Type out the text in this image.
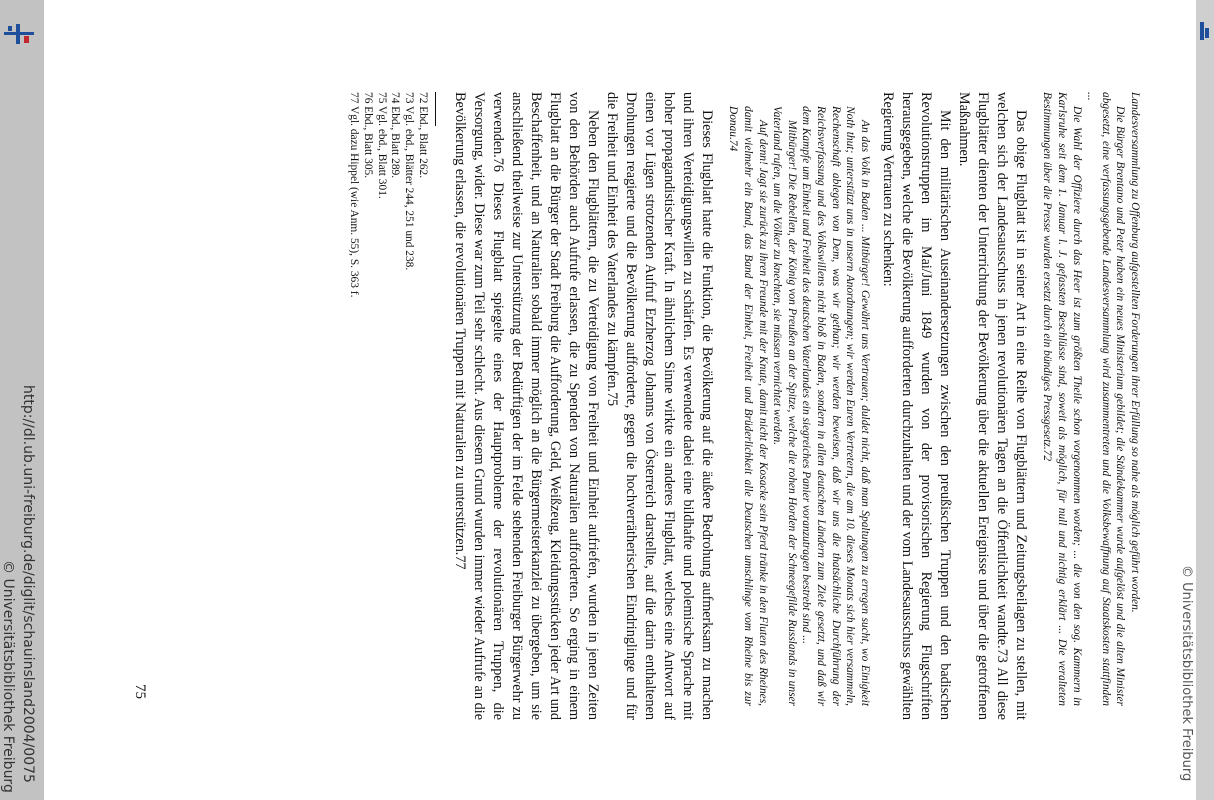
Landesversammlung zu Offenburg aufgestellten Forderungen ihrer Erfüllung so nahe als möglich geführt worden.

Die Bürger Brentano und Peter haben ein neues Ministerium gebildet; die Ständekammer wurde aufgelöst und die alten Minister abgesetzt, eine verfassungsgebende Landesversammlung wird zusammentreten und die Volksbewaffnung auf Staatskosten stattfinden ...

Die Wahl der Offiziere durch das Heer ist zum größten Theile schon vorgenommen worden; ... die von den sog. Kammern in Karlsruhe seit dem 1. Januar l. J. gefassten Beschlüsse sind, soweit als möglich, für null und nichtig erklärt ... Die veralteten Bestimmungen über die Presse wurden ersetzt durch ein bündiges Pressgesetz.72

Das obige Flugblatt ist in seiner Art in eine Reihe von Flugblättern und Zeitungsbeilagen zu stellen, mit welchen sich der Landesausschuss in jenen revolutionären Tagen an die Öffentlichkeit wandte.73 All diese Flugblätter dienten der Unterrichtung der Bevölkerung über die aktuellen Ereignisse und über die getroffenen Maßnahmen.

Mit den militärischen Auseinandersetzungen zwischen den preußischen Truppen und den badischen Revolutionstruppen im Mai/Juni 1849 wurden von der provisorischen Regierung Flugschriften herausgegeben, welche die Bevölkerung aufforderten durchzuhalten und der vom Landesausschuss gewählten Regierung Vertrauen zu schenken:

An das Volk in Baden ... Mitbürger! Gewährt uns Vertrauen; duldet nicht, daß man Spaltungen zu erregen sucht, wo Einigkeit Noth thut; unterstützt uns in unsern Anordnungen; wir werden Euren Vertretern, die am 10. dieses Monats sich hier versammeln, Rechenschaft ablegen von Dem, was wir gethan; wir werden beweisen, daß wir uns die thatsächliche Durchführung der Reichsverfassung und des Volkswillens nicht bloß in Baden, sondern in allen deutschen Ländern zum Ziele gesetzt, und daß wir dem Kampfe um Einheit und Freiheit des deutschen Vaterlandes ein siegreiches Panier voranzutragen bestrebt sind ...

Mitbürger! Die Rebellen, der König von Preußen an der Spitze, welche die rohen Horden der Schneegefilde Russlands in unser Vaterland rufen, um die Völker zu knechten, sie müssen vernichtet werden.

Auf denn! Jagt sie zurück zu ihren Freunde mit der Knute, damit nicht der Kosacke sein Pferd tränke in den Fluten des Rheines, damit vielmehr ein Band, das Band der Einheit, Freiheit und Brüderlichkeit alle Deutschen umschlinge vom Rheine bis zur Donau.74

Dieses Flugblatt hatte die Funktion, die Bevölkerung auf die äußere Bedrohung aufmerksam zu machen und ihren Verteidigungswillen zu schärfen. Es verwendete dabei eine bildhafte und polemische Sprache mit hoher propagandistischer Kraft. In ähnlichem Sinne wirkte ein anderes Flugblatt, welches eine Antwort auf einen vor Lügen strotzenden Aufruf Erzherzog Johanns von Österreich darstellte, auf die darin enthaltenen Drohungen reagierte und die Bevölkerung aufforderte, gegen die hochverrätherischen Eindringlinge und für die Freiheit und Einheit des Vaterlandes zu kämpfen.75

Neben den Flugblättern, die zu Verteidigung von Freiheit und Einheit aufriefen, wurden in jenen Zeiten von den Behörden auch Aufrufe erlassen, die zu Spenden von Naturalien aufforderten. So erging in einem Flugblatt an die Bürger der Stadt Freiburg die Aufforderung, Geld, Weißzeug, Kleidungsstücken jeder Art und Beschaffenheit, und an Naturalien sobald immer möglich an die Bürgermeisterkanzlei zu übergeben, um sie anschließend theilweise zur Unterstützung der Bedürftigen der im Felde stehenden Freiburger Bürgerwehr zu verwenden.76 Dieses Flugblatt spiegelte eines der Hauptprobleme der revolutionären Truppen, die Versorgung, wider. Diese war zum Teil sehr schlecht. Aus diesem Grund wurden immer wieder Aufrufe an die Bevölkerung erlassen, die revolutionären Truppen mit Naturalien zu unterstützen.77

72 Ebd., Blatt 262.

73 Vgl. ebd., Blätter 244, 251 und 238.

74 Ebd., Blatt 289.

75 Vgl. ebd., Blatt 301.

76 Ebd., Blatt 305.

77 Vgl. dazu Hippel (wie Anm. 55), S. 363 f.

75	© Universitätsbibliothek Freiburg
http://dl.ub.uni-freiburg.de/diglit/schauinsland2004/0075
© Universitätsbibliothek Freiburg
